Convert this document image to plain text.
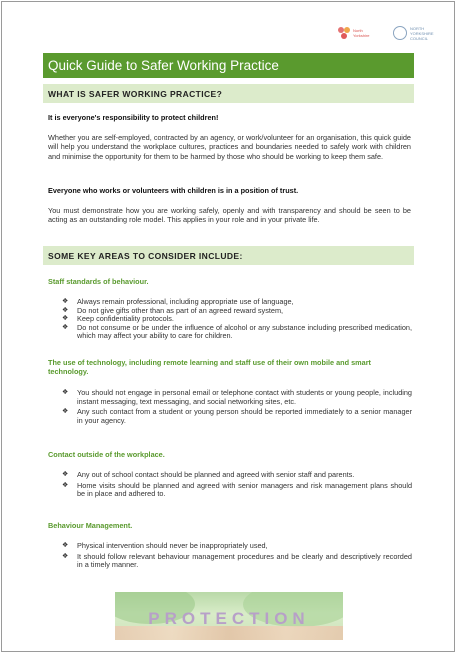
North Yorkshire
NORTH YORKSHIRE COUNCIL
Quick Guide to Safer Working Practice
WHAT IS SAFER WORKING PRACTICE?
It is everyone's responsibility to protect children!
Whether you are self-employed, contracted by an agency, or work/volunteer for an organisation, this quick guide will help you understand the workplace cultures, practices and boundaries needed to safely work with children and minimise the opportunity for them to be harmed by those who should be working to keep them safe.
Everyone who works or volunteers with children is in a position of trust.
You must demonstrate how you are working safely, openly and with transparency and should be seen to be acting as an outstanding role model. This applies in your role and in your private life.
SOME KEY AREAS TO CONSIDER INCLUDE:
Staff standards of behaviour.
❖ Always remain professional, including appropriate use of language,
❖ Do not give gifts other than as part of an agreed reward system,
❖ Keep confidentiality protocols.
❖ Do not consume or be under the influence of alcohol or any substance including prescribed medication, which may affect your ability to care for children.
The use of technology, including remote learning and staff use of their own mobile and smart technology.
❖ You should not engage in personal email or telephone contact with students or young people, including instant messaging, text messaging, and social networking sites, etc.
❖ Any such contact from a student or young person should be reported immediately to a senior manager in your agency.
Contact outside of the workplace.
❖ Any out of school contact should be planned and agreed with senior staff and parents.
❖ Home visits should be planned and agreed with senior managers and risk management plans should be in place and adhered to.
Behaviour Management.
❖ Physical intervention should never be inappropriately used,
❖ It should follow relevant behaviour management procedures and be clearly and descriptively recorded in a timely manner.
PROTECTION
